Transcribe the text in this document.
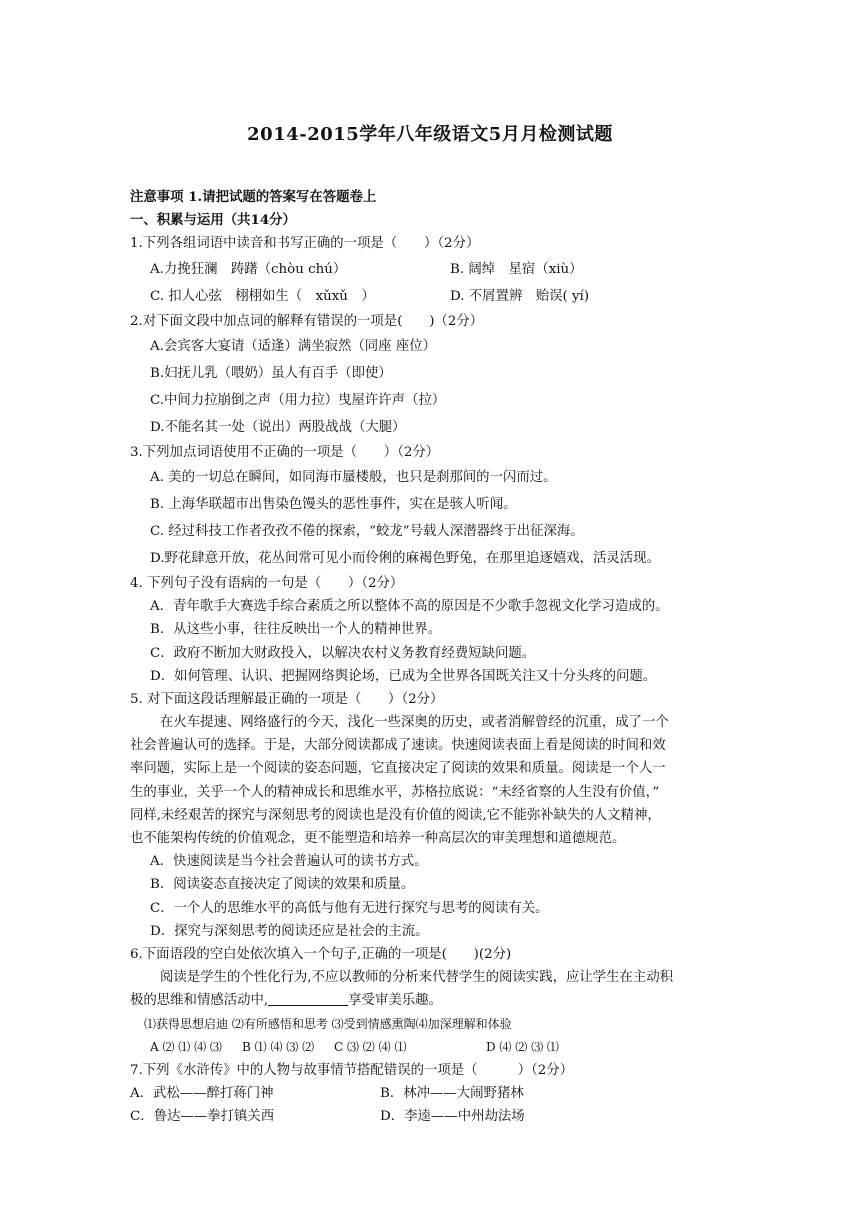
2014-2015学年八年级语文5月月检测试题
注意事项 1.请把试题的答案写在答题卷上
一、积累与运用（共14分）
1.下列各组词语中读音和书写正确的一项是（　　）（2分）
A.力挽狂澜　踌躇（chòu chú）	B. 阔绰　星宿（xiù）
C. 扣人心弦　栩栩如生（　xǔxǔ　）	D. 不屑置辨　贻误( yí)
2.对下面文段中加点词的解释有错误的一项是(　　)（2分）
A.会宾客大宴请（适逢）满坐寂然（同座 座位）
B.妇抚儿乳（喂奶）虽人有百手（即使）
C.中间力拉崩倒之声（用力拉）曳屋许许声（拉）
D.不能名其一处（说出）两股战战（大腿）
3.下列加点词语使用不正确的一项是（　　）（2分）
A. 美的一切总在瞬间，如同海市蜃楼般，也只是刹那间的一闪而过。
B. 上海华联超市出售染色馒头的恶性事件，实在是骇人听闻。
C. 经过科技工作者孜孜不倦的探索，“蛟龙”号载人深潜器终于出征深海。
D.野花肆意开放，花丛间常可见小而伶俐的麻褐色野兔，在那里追逐嬉戏，活灵活现。
4. 下列句子没有语病的一句是（　　）（2分）
A．青年歌手大赛选手综合素质之所以整体不高的原因是不少歌手忽视文化学习造成的。
B．从这些小事，往往反映出一个人的精神世界。
C．政府不断加大财政投入，以解决农村义务教育经费短缺问题。
D．如何管理、认识、把握网络舆论场，已成为全世界各国既关注又十分头疼的问题。
5. 对下面这段话理解最正确的一项是（　　）（2分）
在火车提速、网络盛行的今天，浅化一些深奥的历史，或者消解曾经的沉重，成了一个
社会普遍认可的选择。于是，大部分阅读都成了速读。快速阅读表面上看是阅读的时间和效
率问题，实际上是一个阅读的姿态问题，它直接决定了阅读的效果和质量。阅读是一个人一
生的事业，关乎一个人的精神成长和思维水平，苏格拉底说：“未经省察的人生没有价值，”
同样,未经艰苦的探究与深刻思考的阅读也是没有价值的阅读,它不能弥补缺失的人文精神，
也不能架构传统的价值观念，更不能塑造和培养一种高层次的审美理想和道德规范。
A．快速阅读是当今社会普遍认可的读书方式。
B．阅读姿态直接决定了阅读的效果和质量。
C．一个人的思维水平的高低与他有无进行探究与思考的阅读有关。
D．探究与深刻思考的阅读还应是社会的主流。
6.下面语段的空白处依次填入一个句子,正确的一项是(　　)(2分)
阅读是学生的个性化行为,不应以教师的分析来代替学生的阅读实践，应让学生在主动积
极的思维和情感活动中,	享受审美乐趣。
⑴获得思想启迪 ⑵有所感悟和思考 ⑶受到情感熏陶⑷加深理解和体验
A ⑵ ⑴ ⑷ ⑶ B ⑴ ⑷ ⑶ ⑵ C ⑶ ⑵ ⑷ ⑴	D ⑷ ⑵ ⑶ ⑴
7.下列《水浒传》中的人物与故事情节搭配错误的一项是（　　　）（2分）
A．武松——醉打蒋门神	B．林冲——大闹野猪林
C．鲁达——拳打镇关西	D．李逵——中州劫法场
